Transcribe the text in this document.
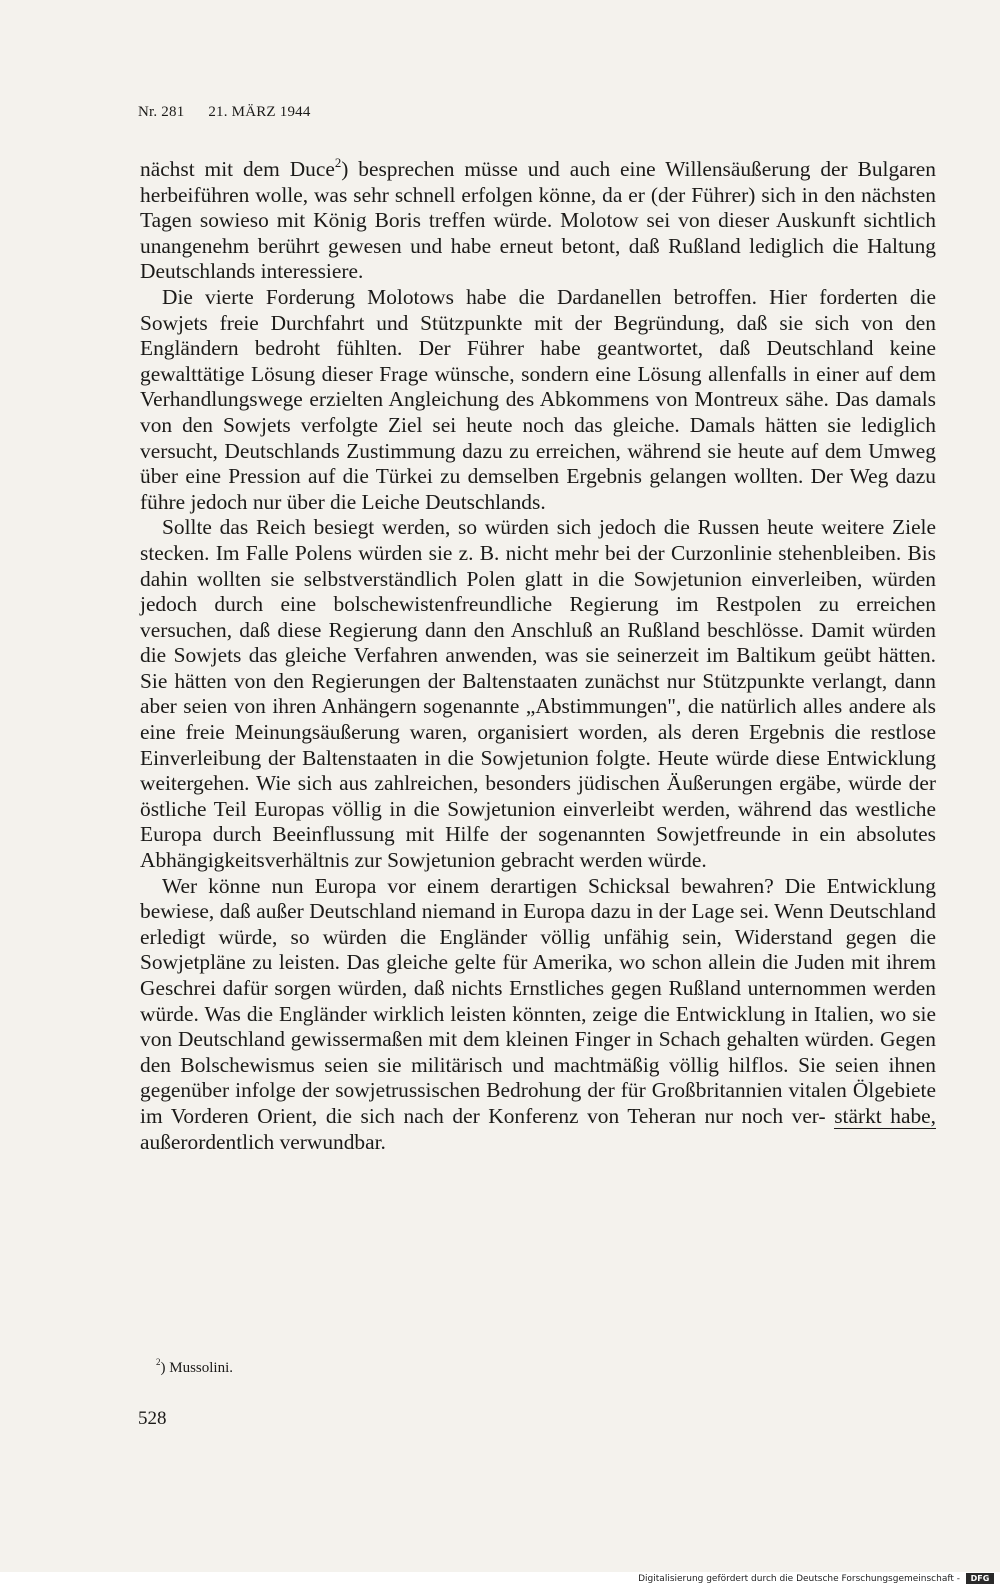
Nr. 281 21. MÄRZ 1944

nächst mit dem Duce$^2$) besprechen müsse und auch eine Willensäußerung der Bulgaren herbeiführen wolle, was sehr schnell erfolgen könne, da er (der Führer) sich in den nächsten Tagen sowieso mit König Boris treffen würde. Molotow sei von dieser Auskunft sichtlich unangenehm berührt gewesen und habe erneut betont, daß Rußland lediglich die Haltung Deutschlands interessiere.

Die vierte Forderung Molotows habe die Dardanellen betroffen. Hier forderten die Sowjets freie Durchfahrt und Stützpunkte mit der Begründung, daß sie sich von den Engländern bedroht fühlten. Der Führer habe geantwortet, daß Deutschland keine gewalttätige Lösung dieser Frage wünsche, sondern eine Lösung allenfalls in einer auf dem Verhandlungswege erzielten Angleichung des Abkommens von Montreux sähe. Das damals von den Sowjets verfolgte Ziel sei heute noch das gleiche. Damals hätten sie lediglich versucht, Deutschlands Zustimmung dazu zu erreichen, während sie heute auf dem Umweg über eine Pression auf die Türkei zu demselben Ergebnis gelangen wollten. Der Weg dazu führe jedoch nur über die Leiche Deutschlands.

Sollte das Reich besiegt werden, so würden sich jedoch die Russen heute weitere Ziele stecken. Im Falle Polens würden sie z. B. nicht mehr bei der Curzonlinie stehenbleiben. Bis dahin wollten sie selbstverständlich Polen glatt in die Sowjetunion einverleiben, würden jedoch durch eine bolschewistenfreundliche Regierung im Restpolen zu erreichen versuchen, daß diese Regierung dann den Anschluß an Rußland beschlösse. Damit würden die Sowjets das gleiche Verfahren anwenden, was sie seinerzeit im Baltikum geübt hätten. Sie hätten von den Regierungen der Baltenstaaten zunächst nur Stützpunkte verlangt, dann aber seien von ihren Anhängern sogenannte „Abstimmungen", die natürlich alles andere als eine freie Meinungsäußerung waren, organisiert worden, als deren Ergebnis die restlose Einverleibung der Baltenstaaten in die Sowjetunion folgte. Heute würde diese Entwicklung weitergehen. Wie sich aus zahlreichen, besonders jüdischen Äußerungen ergäbe, würde der östliche Teil Europas völlig in die Sowjetunion einverleibt werden, während das westliche Europa durch Beeinflussung mit Hilfe der sogenannten Sowjetfreunde in ein absolutes Abhängigkeitsverhältnis zur Sowjetunion gebracht werden würde.

Wer könne nun Europa vor einem derartigen Schicksal bewahren? Die Entwicklung bewiese, daß außer Deutschland niemand in Europa dazu in der Lage sei. Wenn Deutschland erledigt würde, so würden die Engländer völlig unfähig sein, Widerstand gegen die Sowjetpläne zu leisten. Das gleiche gelte für Amerika, wo schon allein die Juden mit ihrem Geschrei dafür sorgen würden, daß nichts Ernstliches gegen Rußland unternommen werden würde. Was die Engländer wirklich leisten könnten, zeige die Entwicklung in Italien, wo sie von Deutschland gewissermaßen mit dem kleinen Finger in Schach gehalten würden. Gegen den Bolschewismus seien sie militärisch und machtmäßig völlig hilflos. Sie seien ihnen gegenüber infolge der sowjetrussischen Bedrohung der für Großbritannien vitalen Ölgebiete im Vorderen Orient, die sich nach der Konferenz von Teheran nur noch ver- stärkt habe, außerordentlich verwundbar.

$^2$) Mussolini.
528
Digitalisierung gefördert durch die Deutsche Forschungsgemeinschaft -	DFG
